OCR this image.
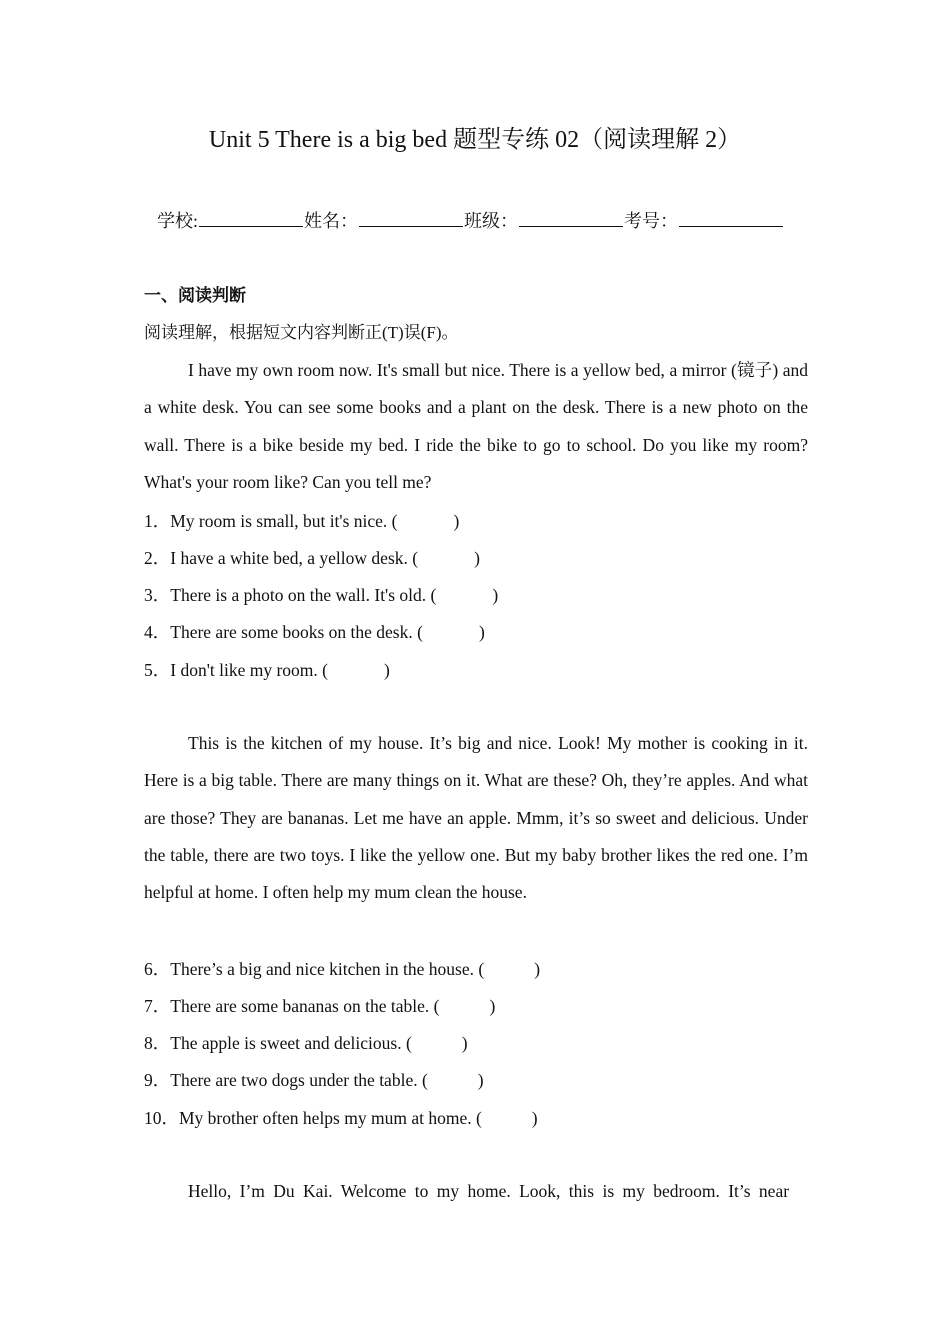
Unit 5 There is a big bed 题型专练 02（阅读理解 2）
学校:	姓名：	班级：	考号：
一、阅读判断
阅读理解，根据短文内容判断正(T)误(F)。

I have my own room now. It's small but nice. There is a yellow bed, a mirror (镜子) and a white desk. You can see some books and a plant on the desk. There is a new photo on the wall. There is a bike beside my bed. I ride the bike to go to school. Do you like my room? What's your room like? Can you tell me?

1．My room is small, but it's nice. (	)
2．I have a white bed, a yellow desk. (	)
3．There is a photo on the wall. It's old. (	)
4．There are some books on the desk. (	)
5．I don't like my room. (	)

This is the kitchen of my house. It’s big and nice. Look! My mother is cooking in it. Here is a big table. There are many things on it. What are these? Oh, they’re apples. And what are those? They are bananas. Let me have an apple. Mmm, it’s so sweet and delicious. Under the table, there are two toys. I like the yellow one. But my baby brother likes the red one. I’m helpful at home. I often help my mum clean the house.

6．There’s a big and nice kitchen in the house. (	)
7．There are some bananas on the table. (	)
8．The apple is sweet and delicious. (	)
9．There are two dogs under the table. (	)
10．My brother often helps my mum at home. (	)

Hello, I’m Du Kai. Welcome to my home. Look, this is my bedroom. It’s near
